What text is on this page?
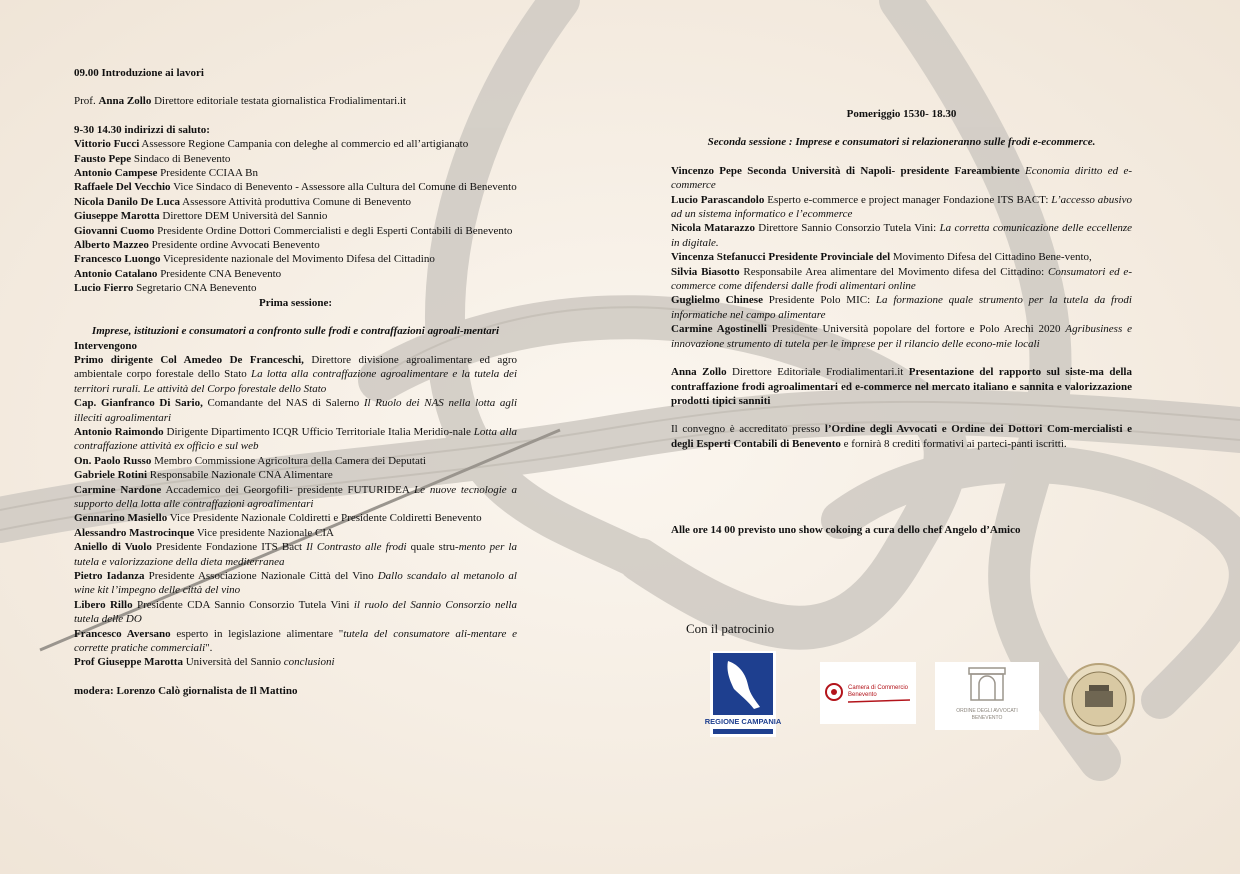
09.00 Introduzione ai lavori

Prof. Anna Zollo Direttore editoriale testata giornalistica Frodialimentari.it

9-30 14.30 indirizzi di saluto:

Vittorio Fucci Assessore Regione Campania con deleghe al commercio ed all’artigianato

Fausto Pepe Sindaco di Benevento

Antonio Campese Presidente CCIAA Bn

Raffaele Del Vecchio Vice Sindaco di Benevento - Assessore alla Cultura del Comune di Benevento

Nicola Danilo De Luca Assessore Attività produttiva Comune di Benevento

Giuseppe Marotta Direttore DEM Università del Sannio

Giovanni Cuomo Presidente Ordine Dottori Commercialisti e degli Esperti Contabili di Benevento

Alberto Mazzeo Presidente ordine Avvocati Benevento

Francesco Luongo Vicepresidente nazionale del Movimento Difesa del Cittadino

Antonio Catalano Presidente CNA Benevento

Lucio Fierro Segretario CNA Benevento

Prima sessione:

Imprese, istituzioni e consumatori a confronto sulle frodi e contraffazioni agroali-mentari

Intervengono

Primo dirigente Col Amedeo De Franceschi, Direttore divisione agroalimentare ed agro ambientale corpo forestale dello Stato La lotta alla contraffazione agroalimentare e la tutela dei territori rurali. Le attività del Corpo forestale dello Stato

Cap. Gianfranco Di Sario, Comandante del NAS di Salerno Il Ruolo dei NAS nella lotta agli illeciti agroalimentari

Antonio Raimondo Dirigente Dipartimento ICQR Ufficio Territoriale Italia Meridio-nale Lotta alla contraffazione attività ex officio e sul web

On. Paolo Russo Membro Commissione Agricoltura della Camera dei Deputati

Gabriele Rotini Responsabile Nazionale CNA Alimentare

Carmine Nardone Accademico dei Georgofili- presidente FUTURIDEA Le nuove tecnologie a supporto della lotta alle contraffazioni agroalimentari

Gennarino Masiello Vice Presidente Nazionale Coldiretti e Presidente Coldiretti Benevento

Alessandro Mastrocinque Vice presidente Nazionale CIA

Aniello di Vuolo Presidente Fondazione ITS Bact Il Contrasto alle frodi quale stru-mento per la tutela e valorizzazione della dieta mediterranea

Pietro Iadanza Presidente Associazione Nazionale Città del Vino Dallo scandalo al metanolo al wine kit l’impegno delle città del vino

Libero Rillo Presidente CDA Sannio Consorzio Tutela Vini il ruolo del Sannio Consorzio nella tutela delle DO

Francesco Aversano esperto in legislazione alimentare "tutela del consumatore ali-mentare e corrette pratiche commerciali".

Prof Giuseppe Marotta Università del Sannio conclusioni

modera: Lorenzo Calò giornalista de Il Mattino

Pomeriggio 1530- 18.30

Seconda sessione : Imprese e consumatori si relazioneranno sulle frodi e-ecommerce.

Vincenzo Pepe Seconda Università di Napoli- presidente Fareambiente Economia diritto ed e-commerce

Lucio Parascandolo Esperto e-commerce e project manager Fondazione ITS BACT: L’accesso abusivo ad un sistema informatico e l’ecommerce

Nicola Matarazzo Direttore Sannio Consorzio Tutela Vini: La corretta comunicazione delle eccellenze in digitale.

Vincenza Stefanucci Presidente Provinciale del Movimento Difesa del Cittadino Bene-vento,

Silvia Biasotto Responsabile Area alimentare del Movimento difesa del Cittadino: Consumatori ed e-commerce come difendersi dalle frodi alimentari online

Guglielmo Chinese Presidente Polo MIC: La formazione quale strumento per la tutela da frodi informatiche nel campo alimentare

Carmine Agostinelli Presidente Università popolare del fortore e Polo Arechi 2020 Agribusiness e innovazione strumento di tutela per le imprese per il rilancio delle econo-mie locali

Anna Zollo Direttore Editoriale Frodialimentari.it Presentazione del rapporto sul siste-ma della contraffazione frodi agroalimentari ed e-commerce nel mercato italiano e sannita e valorizzazione prodotti tipici sanniti

Il convegno è accreditato presso l’Ordine degli Avvocati e Ordine dei Dottori Com-mercialisti e degli Esperti Contabili di Benevento e fornirà 8 crediti formativi ai parteci-panti iscritti.

Alle ore 14 00 previsto uno show cokoing a cura dello chef Angelo d’Amico

Con il patrocinio
REGIONE CAMPANIA
Camera di Commercio
Benevento
ORDINE DEGLI AVVOCATI
BENEVENTO
